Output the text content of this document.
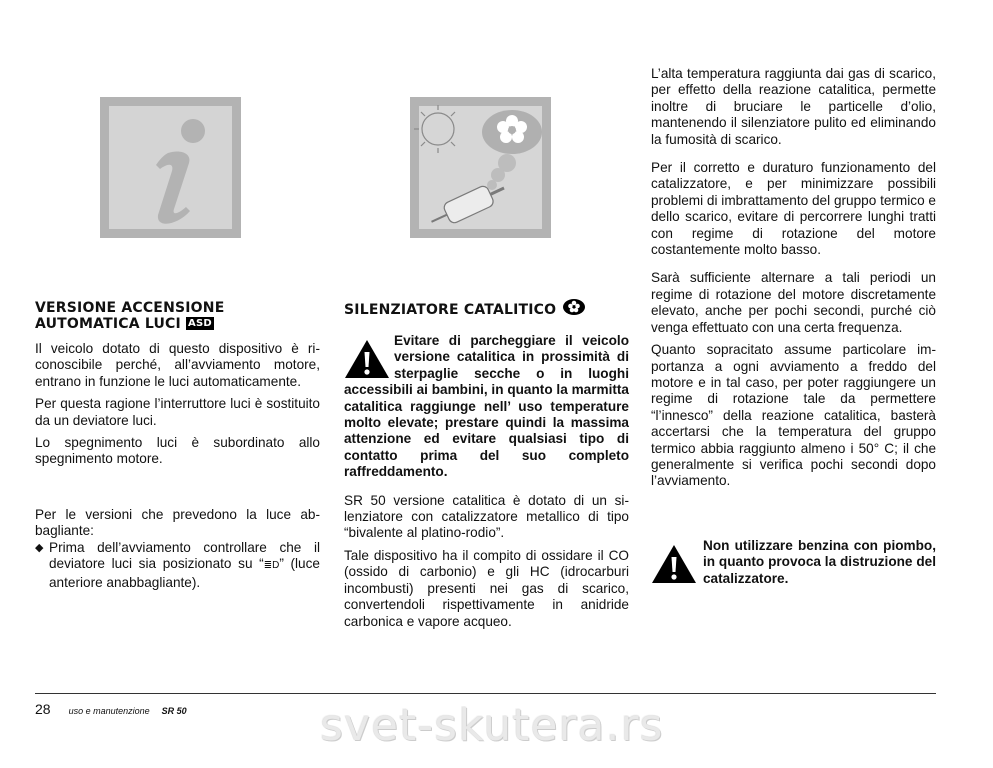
VERSIONE ACCENSIONE
AUTOMATICA LUCI ASD

Il veicolo dotato di questo dispositivo è riconoscibile perché, all’avviamento motore, entrano in funzione le luci automaticamente.

Per questa ragione l’interruttore luci è sostituito da un deviatore luci.

Lo spegnimento luci è subordinato allo spegnimento motore.

Per le versioni che prevedono la luce abbagliante:

◆ Prima dell’avviamento controllare che il deviatore luci sia posizionato su “≣D” (luce anteriore anabbagliante).

SILENZIATORE CATALITICO

Evitare di parcheggiare il veicolo versione catalitica in prossimità di sterpaglie secche o in luoghi accessibili ai bambini, in quanto la marmitta catalitica raggiunge nell’ uso temperature molto elevate; prestare quindi la massima attenzione ed evitare qualsiasi tipo di contatto prima del suo completo raffreddamento.

SR 50 versione catalitica è dotato di un silenziatore con catalizzatore metallico di tipo “bivalente al platino-rodio”.

Tale dispositivo ha il compito di ossidare il CO (ossido di carbonio) e gli HC (idrocarburi incombusti) presenti nei gas di scarico, convertendoli rispettivamente in anidride carbonica e vapore acqueo.

L’alta temperatura raggiunta dai gas di scarico, per effetto della reazione catalitica, permette inoltre di bruciare le particelle d’olio, mantenendo il silenziatore pulito ed eliminando la fumosità di scarico.

Per il corretto e duraturo funzionamento del catalizzatore, e per minimizzare possibili problemi di imbrattamento del gruppo termico e dello scarico, evitare di percorrere lunghi tratti con regime di rotazione del motore costantemente molto basso.

Sarà sufficiente alternare a tali periodi un regime di rotazione del motore discretamente elevato, anche per pochi secondi, purché ciò venga effettuato con una certa frequenza.

Quanto sopracitato assume particolare importanza a ogni avviamento a freddo del motore e in tal caso, per poter raggiungere un regime di rotazione tale da permettere “l’innesco” della reazione catalitica, basterà accertarsi che la temperatura del gruppo termico abbia raggiunto almeno i 50° C; il che generalmente si verifica pochi secondi dopo l’avviamento.

Non utilizzare benzina con piombo, in quanto provoca la distruzione del catalizzatore.

28 uso e manutenzione SR 50	svet-skutera.rs
